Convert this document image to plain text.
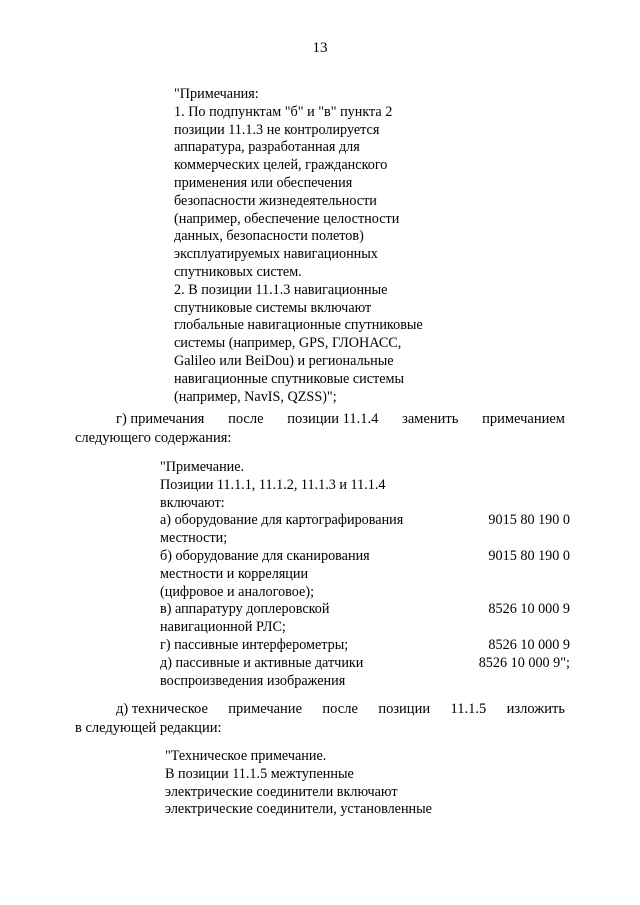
13
"Примечания:
1. По подпунктам "б" и "в" пункта 2
позиции 11.1.3 не контролируется
аппаратура, разработанная для
коммерческих целей, гражданского
применения или обеспечения
безопасности жизнедеятельности
(например, обеспечение целостности
данных, безопасности полетов)
эксплуатируемых навигационных
спутниковых систем.
2. В позиции 11.1.3 навигационные
спутниковые системы включают
глобальные навигационные спутниковые
системы (например, GPS, ГЛОНАСС,
Galileo или BeiDou) и региональные
навигационные спутниковые системы
(например, NavIS, QZSS)";
г) примечания после позиции 11.1.4 заменить примечанием
следующего содержания:
"Примечание.
Позиции 11.1.1, 11.1.2, 11.1.3 и 11.1.4
включают:
а) оборудование для картографирования
местности;
9015 80 190 0
б) оборудование для сканирования
местности и корреляции
(цифровое и аналоговое);
9015 80 190 0
в) аппаратуру доплеровской
навигационной РЛС;
8526 10 000 9
г) пассивные интерферометры;	8526 10 000 9
д) пассивные и активные датчики
воспроизведения изображения
8526 10 000 9";
д) техническое примечание после позиции 11.1.5 изложить
в следующей редакции:
"Техническое примечание.
В позиции 11.1.5 межтупенные
электрические соединители включают
электрические соединители, установленные
